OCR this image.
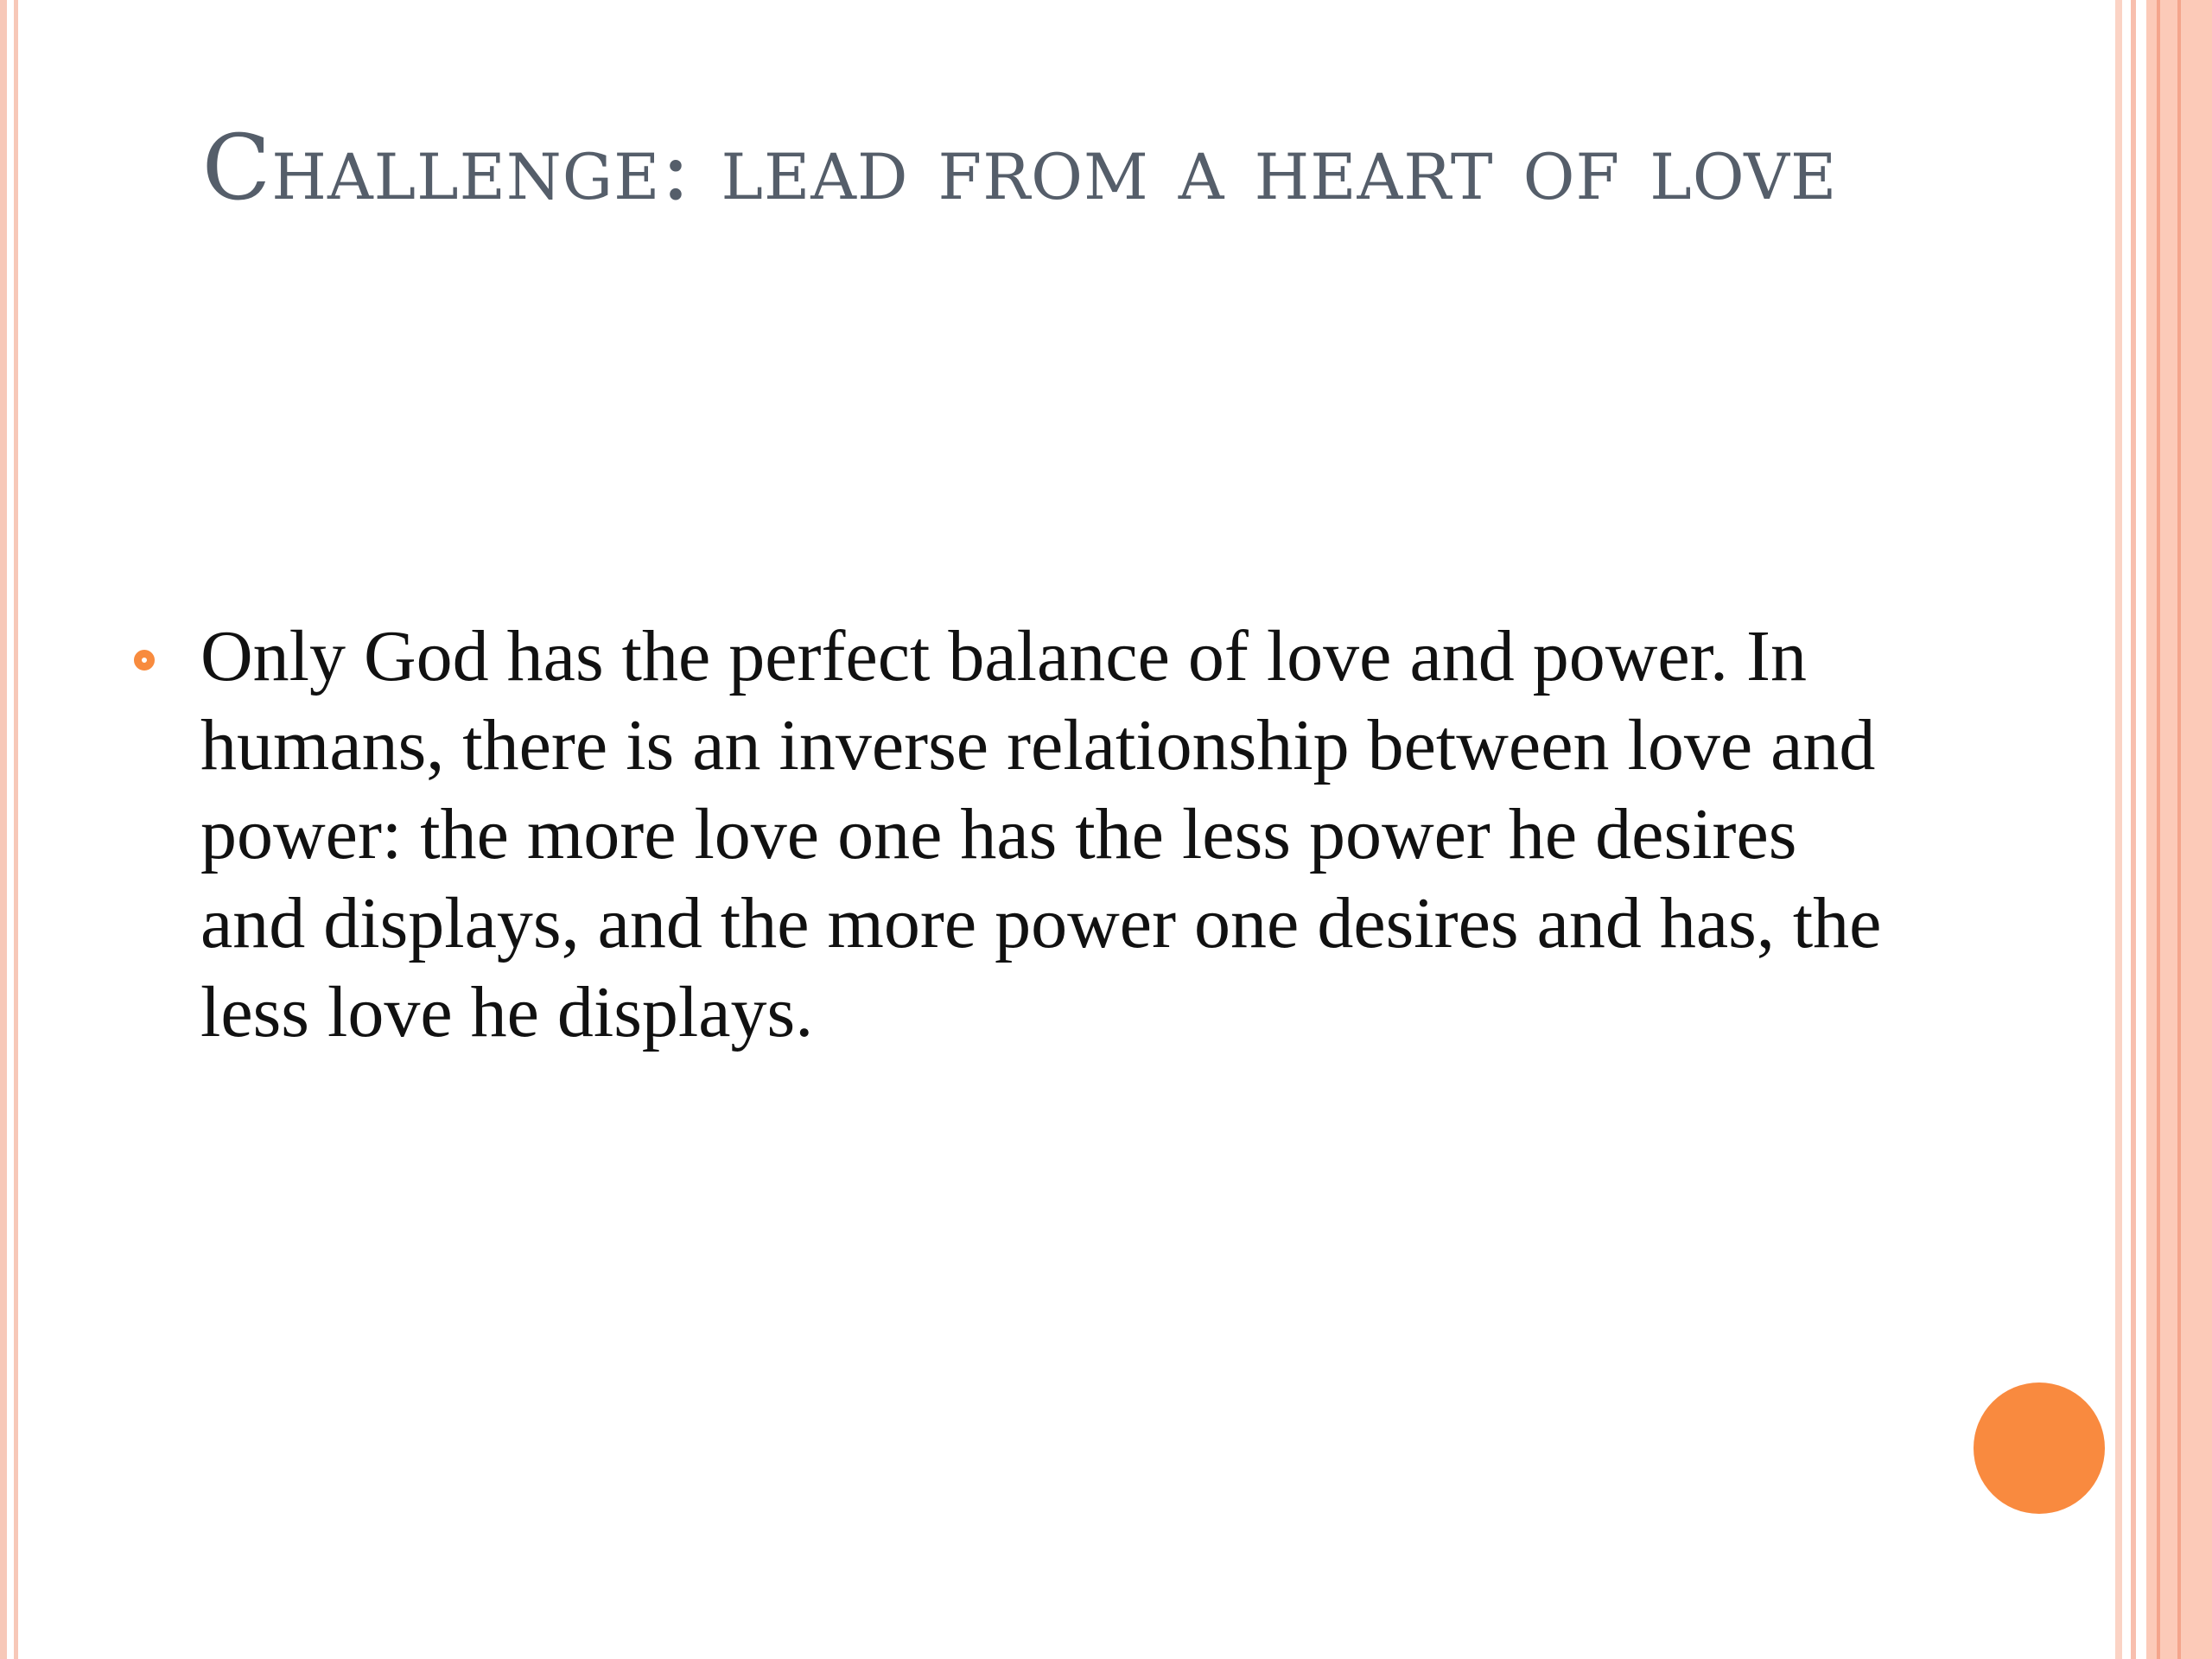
Challenge: lead from a heart of love
Only God has the perfect balance of love and power. In humans, there is an inverse relationship between love and power: the more love one has the less power he desires and displays, and the more power one desires and has, the less love he displays.
